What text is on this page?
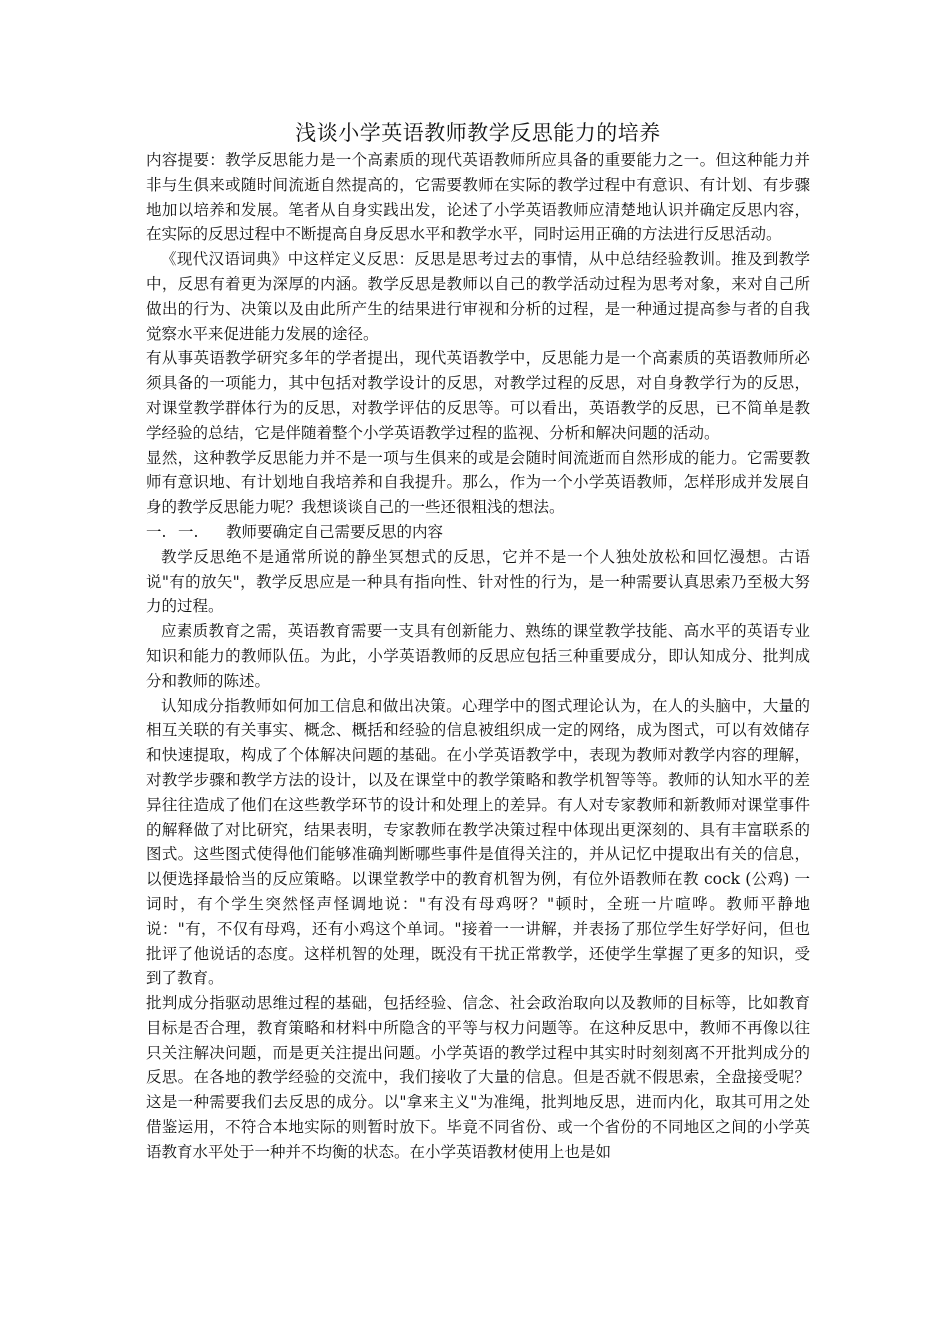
浅谈小学英语教师教学反思能力的培养

内容提要：教学反思能力是一个高素质的现代英语教师所应具备的重要能力之一。但这种能力并非与生俱来或随时间流逝自然提高的，它需要教师在实际的教学过程中有意识、有计划、有步骤地加以培养和发展。笔者从自身实践出发，论述了小学英语教师应清楚地认识并确定反思内容，在实际的反思过程中不断提高自身反思水平和教学水平，同时运用正确的方法进行反思活动。

《现代汉语词典》中这样定义反思：反思是思考过去的事情，从中总结经验教训。推及到教学中，反思有着更为深厚的内涵。教学反思是教师以自己的教学活动过程为思考对象，来对自己所做出的行为、决策以及由此所产生的结果进行审视和分析的过程，是一种通过提高参与者的自我觉察水平来促进能力发展的途径。

有从事英语教学研究多年的学者提出，现代英语教学中，反思能力是一个高素质的英语教师所必须具备的一项能力，其中包括对教学设计的反思，对教学过程的反思，对自身教学行为的反思，对课堂教学群体行为的反思，对教学评估的反思等。可以看出，英语教学的反思，已不简单是教学经验的总结，它是伴随着整个小学英语教学过程的监视、分析和解决问题的活动。

显然，这种教学反思能力并不是一项与生俱来的或是会随时间流逝而自然形成的能力。它需要教师有意识地、有计划地自我培养和自我提升。那么，作为一个小学英语教师，怎样形成并发展自身的教学反思能力呢？我想谈谈自己的一些还很粗浅的想法。

一. 一. 教师要确定自己需要反思的内容

教学反思绝不是通常所说的静坐冥想式的反思，它并不是一个人独处放松和回忆漫想。古语说"有的放矢"，教学反思应是一种具有指向性、针对性的行为，是一种需要认真思索乃至极大努力的过程。

应素质教育之需，英语教育需要一支具有创新能力、熟练的课堂教学技能、高水平的英语专业知识和能力的教师队伍。为此，小学英语教师的反思应包括三种重要成分，即认知成分、批判成分和教师的陈述。

认知成分指教师如何加工信息和做出决策。心理学中的图式理论认为，在人的头脑中，大量的相互关联的有关事实、概念、概括和经验的信息被组织成一定的网络，成为图式，可以有效储存和快速提取，构成了个体解决问题的基础。在小学英语教学中，表现为教师对教学内容的理解，对教学步骤和教学方法的设计，以及在课堂中的教学策略和教学机智等等。教师的认知水平的差异往往造成了他们在这些教学环节的设计和处理上的差异。有人对专家教师和新教师对课堂事件的解释做了对比研究，结果表明，专家教师在教学决策过程中体现出更深刻的、具有丰富联系的图式。这些图式使得他们能够准确判断哪些事件是值得关注的，并从记忆中提取出有关的信息，以便选择最恰当的反应策略。以课堂教学中的教育机智为例，有位外语教师在教 cock (公鸡) 一词时，有个学生突然怪声怪调地说："有没有母鸡呀？"顿时，全班一片喧哗。教师平静地说："有，不仅有母鸡，还有小鸡这个单词。"接着一一讲解，并表扬了那位学生好学好问，但也批评了他说话的态度。这样机智的处理，既没有干扰正常教学，还使学生掌握了更多的知识，受到了教育。

批判成分指驱动思维过程的基础，包括经验、信念、社会政治取向以及教师的目标等，比如教育目标是否合理，教育策略和材料中所隐含的平等与权力问题等。在这种反思中，教师不再像以往只关注解决问题，而是更关注提出问题。小学英语的教学过程中其实时时刻刻离不开批判成分的反思。在各地的教学经验的交流中，我们接收了大量的信息。但是否就不假思索，全盘接受呢？这是一种需要我们去反思的成分。以"拿来主义"为准绳，批判地反思，进而内化，取其可用之处借鉴运用，不符合本地实际的则暂时放下。毕竟不同省份、或一个省份的不同地区之间的小学英语教育水平处于一种并不均衡的状态。在小学英语教材使用上也是如
